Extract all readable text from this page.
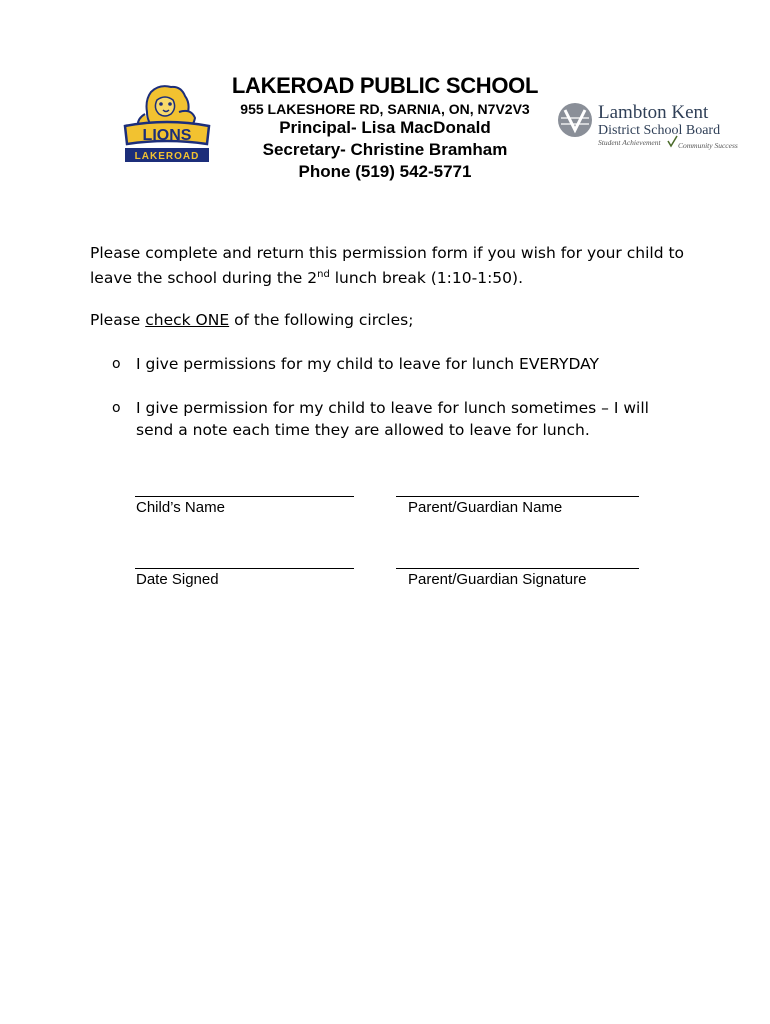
LIONS
LAKEROAD
LAKEROAD PUBLIC SCHOOL
955 LAKESHORE RD, SARNIA, ON, N7V2V3
Principal- Lisa MacDonald
Secretary- Christine Bramham
Phone (519) 542-5771
Lambton Kent
District School Board
Student Achievement Community Success
Please complete and return this permission form if you wish for your child to leave the school during the 2nd lunch break (1:10-1:50).
Please check ONE of the following circles;
o I give permissions for my child to leave for lunch EVERYDAY
o I give permission for my child to leave for lunch sometimes – I will send a note each time they are allowed to leave for lunch.
Child’s Name	Parent/Guardian Name
Date Signed	Parent/Guardian Signature
